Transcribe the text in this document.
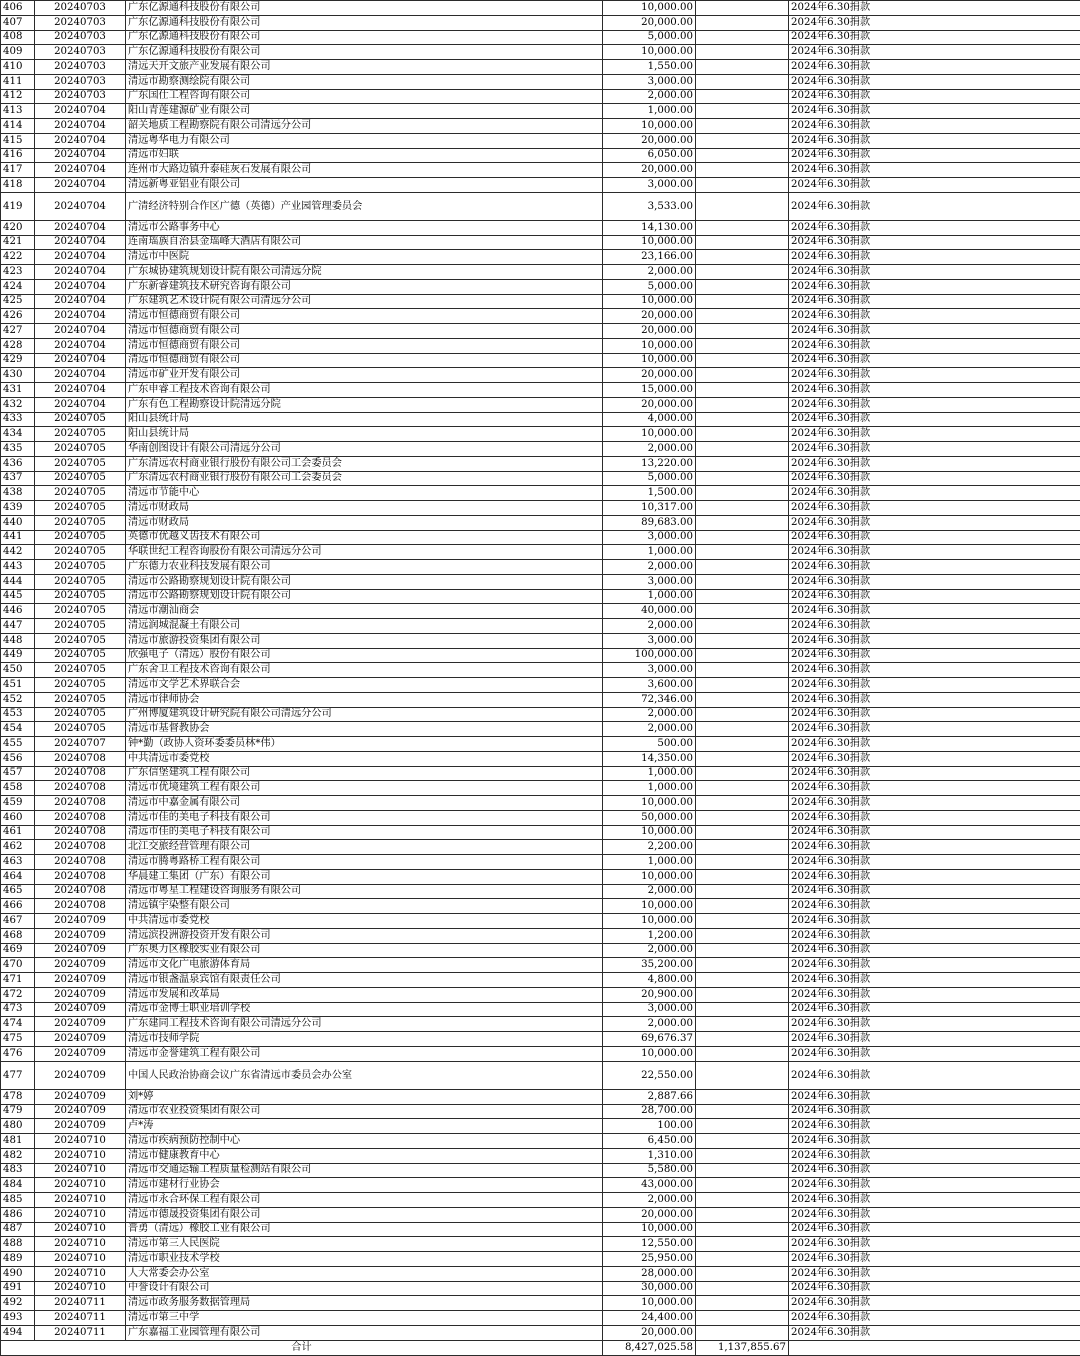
406	20240703	广东亿源通科技股份有限公司	10,000.00		2024年6.30捐款
407	20240703	广东亿源通科技股份有限公司	20,000.00		2024年6.30捐款
408	20240703	广东亿源通科技股份有限公司	5,000.00		2024年6.30捐款
409	20240703	广东亿源通科技股份有限公司	10,000.00		2024年6.30捐款
410	20240703	清远天开文旅产业发展有限公司	1,550.00		2024年6.30捐款
411	20240703	清远市勘察测绘院有限公司	3,000.00		2024年6.30捐款
412	20240703	广东国仕工程咨询有限公司	2,000.00		2024年6.30捐款
413	20240704	阳山青莲建源矿业有限公司	1,000.00		2024年6.30捐款
414	20240704	韶关地质工程勘察院有限公司清远分公司	10,000.00		2024年6.30捐款
415	20240704	清远粤华电力有限公司	20,000.00		2024年6.30捐款
416	20240704	清远市妇联	6,050.00		2024年6.30捐款
417	20240704	连州市大路边镇升泰硅灰石发展有限公司	20,000.00		2024年6.30捐款
418	20240704	清远新粤亚铝业有限公司	3,000.00		2024年6.30捐款
419	20240704	广清经济特别合作区广德（英德）产业园管理委员会	3,533.00		2024年6.30捐款
420	20240704	清远市公路事务中心	14,130.00		2024年6.30捐款
421	20240704	连南瑶族自治县金瑶峰大酒店有限公司	10,000.00		2024年6.30捐款
422	20240704	清远市中医院	23,166.00		2024年6.30捐款
423	20240704	广东城协建筑规划设计院有限公司清远分院	2,000.00		2024年6.30捐款
424	20240704	广东新睿建筑技术研究咨询有限公司	5,000.00		2024年6.30捐款
425	20240704	广东建筑艺术设计院有限公司清远分公司	10,000.00		2024年6.30捐款
426	20240704	清远市恒德商贸有限公司	20,000.00		2024年6.30捐款
427	20240704	清远市恒德商贸有限公司	20,000.00		2024年6.30捐款
428	20240704	清远市恒德商贸有限公司	10,000.00		2024年6.30捐款
429	20240704	清远市恒德商贸有限公司	10,000.00		2024年6.30捐款
430	20240704	清远市矿业开发有限公司	20,000.00		2024年6.30捐款
431	20240704	广东申睿工程技术咨询有限公司	15,000.00		2024年6.30捐款
432	20240704	广东有色工程勘察设计院清远分院	20,000.00		2024年6.30捐款
433	20240705	阳山县统计局	4,000.00		2024年6.30捐款
434	20240705	阳山县统计局	10,000.00		2024年6.30捐款
435	20240705	华南创图设计有限公司清远分公司	2,000.00		2024年6.30捐款
436	20240705	广东清远农村商业银行股份有限公司工会委员会	13,220.00		2024年6.30捐款
437	20240705	广东清远农村商业银行股份有限公司工会委员会	5,000.00		2024年6.30捐款
438	20240705	清远市节能中心	1,500.00		2024年6.30捐款
439	20240705	清远市财政局	10,317.00		2024年6.30捐款
440	20240705	清远市财政局	89,683.00		2024年6.30捐款
441	20240705	英德市优越义齿技术有限公司	3,000.00		2024年6.30捐款
442	20240705	华联世纪工程咨询股份有限公司清远分公司	1,000.00		2024年6.30捐款
443	20240705	广东德力农业科技发展有限公司	2,000.00		2024年6.30捐款
444	20240705	清远市公路勘察规划设计院有限公司	3,000.00		2024年6.30捐款
445	20240705	清远市公路勘察规划设计院有限公司	1,000.00		2024年6.30捐款
446	20240705	清远市潮汕商会	40,000.00		2024年6.30捐款
447	20240705	清远润城混凝土有限公司	2,000.00		2024年6.30捐款
448	20240705	清远市旅游投资集团有限公司	3,000.00		2024年6.30捐款
449	20240705	欣强电子（清远）股份有限公司	100,000.00		2024年6.30捐款
450	20240705	广东舍卫工程技术咨询有限公司	3,000.00		2024年6.30捐款
451	20240705	清远市文学艺术界联合会	3,600.00		2024年6.30捐款
452	20240705	清远市律师协会	72,346.00		2024年6.30捐款
453	20240705	广州博厦建筑设计研究院有限公司清远分公司	2,000.00		2024年6.30捐款
454	20240705	清远市基督教协会	2,000.00		2024年6.30捐款
455	20240707	钟*勤（政协人资环委委员林*伟）	500.00		2024年6.30捐款
456	20240708	中共清远市委党校	14,350.00		2024年6.30捐款
457	20240708	广东信堡建筑工程有限公司	1,000.00		2024年6.30捐款
458	20240708	清远市优境建筑工程有限公司	1,000.00		2024年6.30捐款
459	20240708	清远市中嘉金属有限公司	10,000.00		2024年6.30捐款
460	20240708	清远市佳的美电子科技有限公司	50,000.00		2024年6.30捐款
461	20240708	清远市佳的美电子科技有限公司	10,000.00		2024年6.30捐款
462	20240708	北江交旅经营管理有限公司	2,200.00		2024年6.30捐款
463	20240708	清远市腾粤路桥工程有限公司	1,000.00		2024年6.30捐款
464	20240708	华晨建工集团（广东）有限公司	10,000.00		2024年6.30捐款
465	20240708	清远市粤星工程建设咨询服务有限公司	2,000.00		2024年6.30捐款
466	20240708	清远镇宇染整有限公司	10,000.00		2024年6.30捐款
467	20240709	中共清远市委党校	10,000.00		2024年6.30捐款
468	20240709	清远滨投洲游投资开发有限公司	1,200.00		2024年6.30捐款
469	20240709	广东奥力区橡胶实业有限公司	2,000.00		2024年6.30捐款
470	20240709	清远市文化广电旅游体育局	35,200.00		2024年6.30捐款
471	20240709	清远市银盏温泉宾馆有限责任公司	4,800.00		2024年6.30捐款
472	20240709	清远市发展和改革局	20,900.00		2024年6.30捐款
473	20240709	清远市金博士职业培训学校	3,000.00		2024年6.30捐款
474	20240709	广东建同工程技术咨询有限公司清远分公司	2,000.00		2024年6.30捐款
475	20240709	清远市技师学院	69,676.37		2024年6.30捐款
476	20240709	清远市金誉建筑工程有限公司	10,000.00		2024年6.30捐款
477	20240709	中国人民政治协商会议广东省清远市委员会办公室	22,550.00		2024年6.30捐款
478	20240709	刘*婷	2,887.66		2024年6.30捐款
479	20240709	清远市农业投资集团有限公司	28,700.00		2024年6.30捐款
480	20240709	卢*涛	100.00		2024年6.30捐款
481	20240710	清远市疾病预防控制中心	6,450.00		2024年6.30捐款
482	20240710	清远市健康教育中心	1,310.00		2024年6.30捐款
483	20240710	清远市交通运输工程质量检测站有限公司	5,580.00		2024年6.30捐款
484	20240710	清远市建材行业协会	43,000.00		2024年6.30捐款
485	20240710	清远市永合环保工程有限公司	2,000.00		2024年6.30捐款
486	20240710	清远市德晟投资集团有限公司	20,000.00		2024年6.30捐款
487	20240710	晋勇（清远）橡胶工业有限公司	10,000.00		2024年6.30捐款
488	20240710	清远市第三人民医院	12,550.00		2024年6.30捐款
489	20240710	清远市职业技术学校	25,950.00		2024年6.30捐款
490	20240710	人大常委会办公室	28,000.00		2024年6.30捐款
491	20240710	中誉设计有限公司	30,000.00		2024年6.30捐款
492	20240711	清远市政务服务数据管理局	10,000.00		2024年6.30捐款
493	20240711	清远市第三中学	24,400.00		2024年6.30捐款
494	20240711	广东嘉福工业园管理有限公司	20,000.00		2024年6.30捐款
合计			8,427,025.58	1,137,855.67	
